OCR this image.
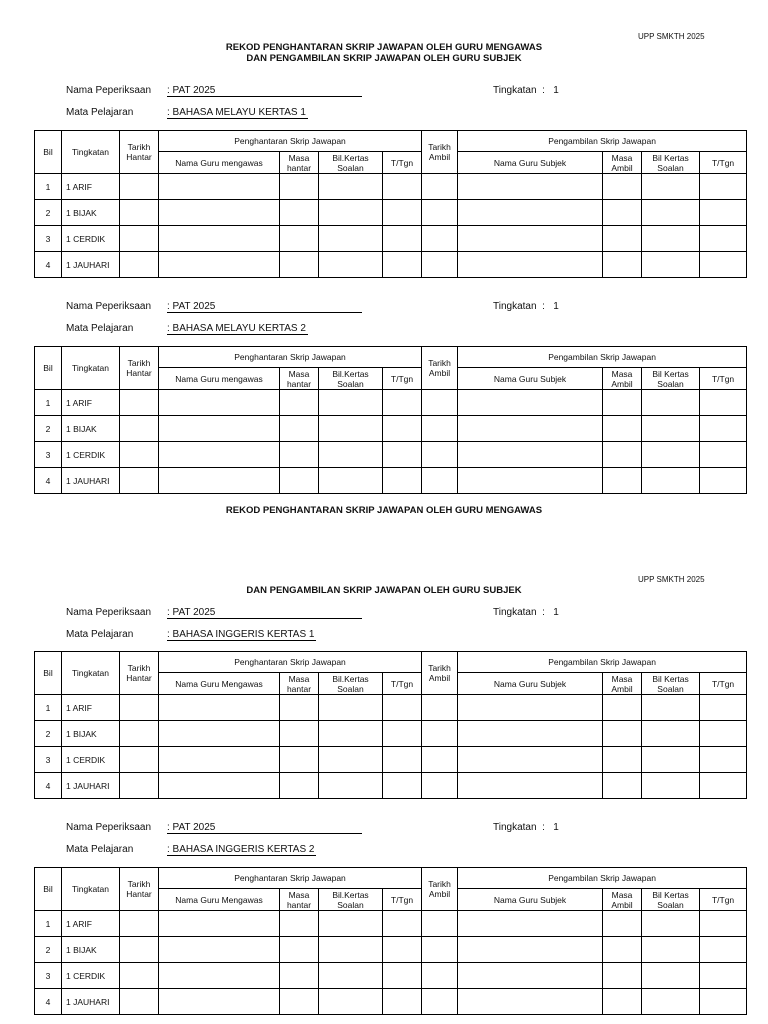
UPP SMKTH 2025
REKOD PENGHANTARAN SKRIP JAWAPAN OLEH GURU MENGAWAS
DAN PENGAMBILAN SKRIP JAWAPAN OLEH GURU SUBJEK
Nama Peperiksaan : PAT 2025	Tingkatan : 1
Mata Pelajaran	: BAHASA MELAYU KERTAS 1
Bil	Tingkatan	Tarikh Hantar	Penghantaran Skrip Jawapan				Tarikh Ambil	Pengambilan Skrip Jawapan			
			Nama Guru mengawas	Masa hantar	Bil.Kertas Soalan	T/Tgn		Nama Guru Subjek	Masa Ambil	Bil Kertas Soalan	T/Tgn
1	1 ARIF										
2	1 BIJAK										
3	1 CERDIK										
4	1 JAUHARI										
Nama Peperiksaan : PAT 2025	Tingkatan : 1
Mata Pelajaran	: BAHASA MELAYU KERTAS 2
Bil	Tingkatan	Tarikh Hantar	Penghantaran Skrip Jawapan				Tarikh Ambil	Pengambilan Skrip Jawapan			
			Nama Guru mengawas	Masa hantar	Bil.Kertas Soalan	T/Tgn		Nama Guru Subjek	Masa Ambil	Bil Kertas Soalan	T/Tgn
1	1 ARIF										
2	1 BIJAK										
3	1 CERDIK										
4	1 JAUHARI										
REKOD PENGHANTARAN SKRIP JAWAPAN OLEH GURU MENGAWAS
UPP SMKTH 2025
DAN PENGAMBILAN SKRIP JAWAPAN OLEH GURU SUBJEK
Nama Peperiksaan : PAT 2025	Tingkatan : 1
Mata Pelajaran	: BAHASA INGGERIS KERTAS 1
Bil	Tingkatan	Tarikh Hantar	Penghantaran Skrip Jawapan				Tarikh Ambil	Pengambilan Skrip Jawapan			
			Nama Guru Mengawas	Masa hantar	Bil.Kertas Soalan	T/Tgn		Nama Guru Subjek	Masa Ambil	Bil Kertas Soalan	T/Tgn
1	1 ARIF										
2	1 BIJAK										
3	1 CERDIK										
4	1 JAUHARI										
Nama Peperiksaan : PAT 2025	Tingkatan : 1
Mata Pelajaran	: BAHASA INGGERIS KERTAS 2
Bil	Tingkatan	Tarikh Hantar	Penghantaran Skrip Jawapan				Tarikh Ambil	Pengambilan Skrip Jawapan			
			Nama Guru Mengawas	Masa hantar	Bil.Kertas Soalan	T/Tgn		Nama Guru Subjek	Masa Ambil	Bil Kertas Soalan	T/Tgn
1	1 ARIF										
2	1 BIJAK										
3	1 CERDIK										
4	1 JAUHARI										
